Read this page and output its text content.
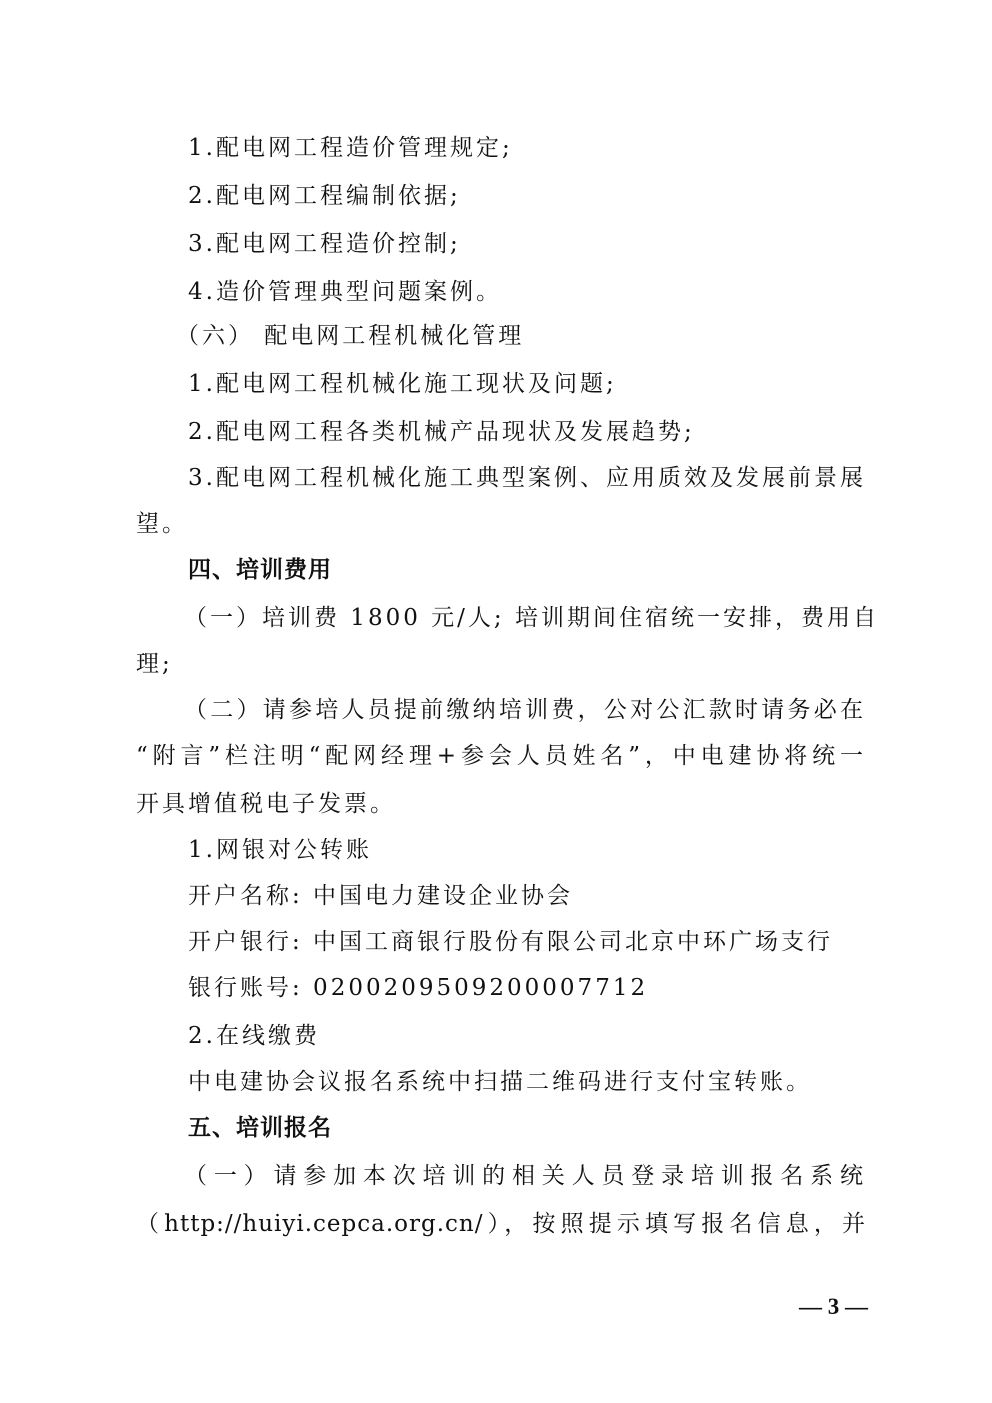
1.配电网工程造价管理规定;
2.配电网工程编制依据;
3.配电网工程造价控制;
4.造价管理典型问题案例。
（六） 配电网工程机械化管理
1.配电网工程机械化施工现状及问题;
2.配电网工程各类机械产品现状及发展趋势;
3.配电网工程机械化施工典型案例、应用质效及发展前景展
望。
四、培训费用
（一）培训费 1800 元/人; 培训期间住宿统一安排，费用自
理;
（二）请参培人员提前缴纳培训费，公对公汇款时请务必在
“附言”栏注明“配网经理+参会人员姓名”，中电建协将统一
开具增值税电子发票。
1.网银对公转账
开户名称: 中国电力建设企业协会
开户银行: 中国工商银行股份有限公司北京中环广场支行
银行账号: 0200209509200007712
2.在线缴费
中电建协会议报名系统中扫描二维码进行支付宝转账。
五、培训报名
（一）请参加本次培训的相关人员登录培训报名系统
（http://huiyi.cepca.org.cn/），按照提示填写报名信息，并
— 3 —
